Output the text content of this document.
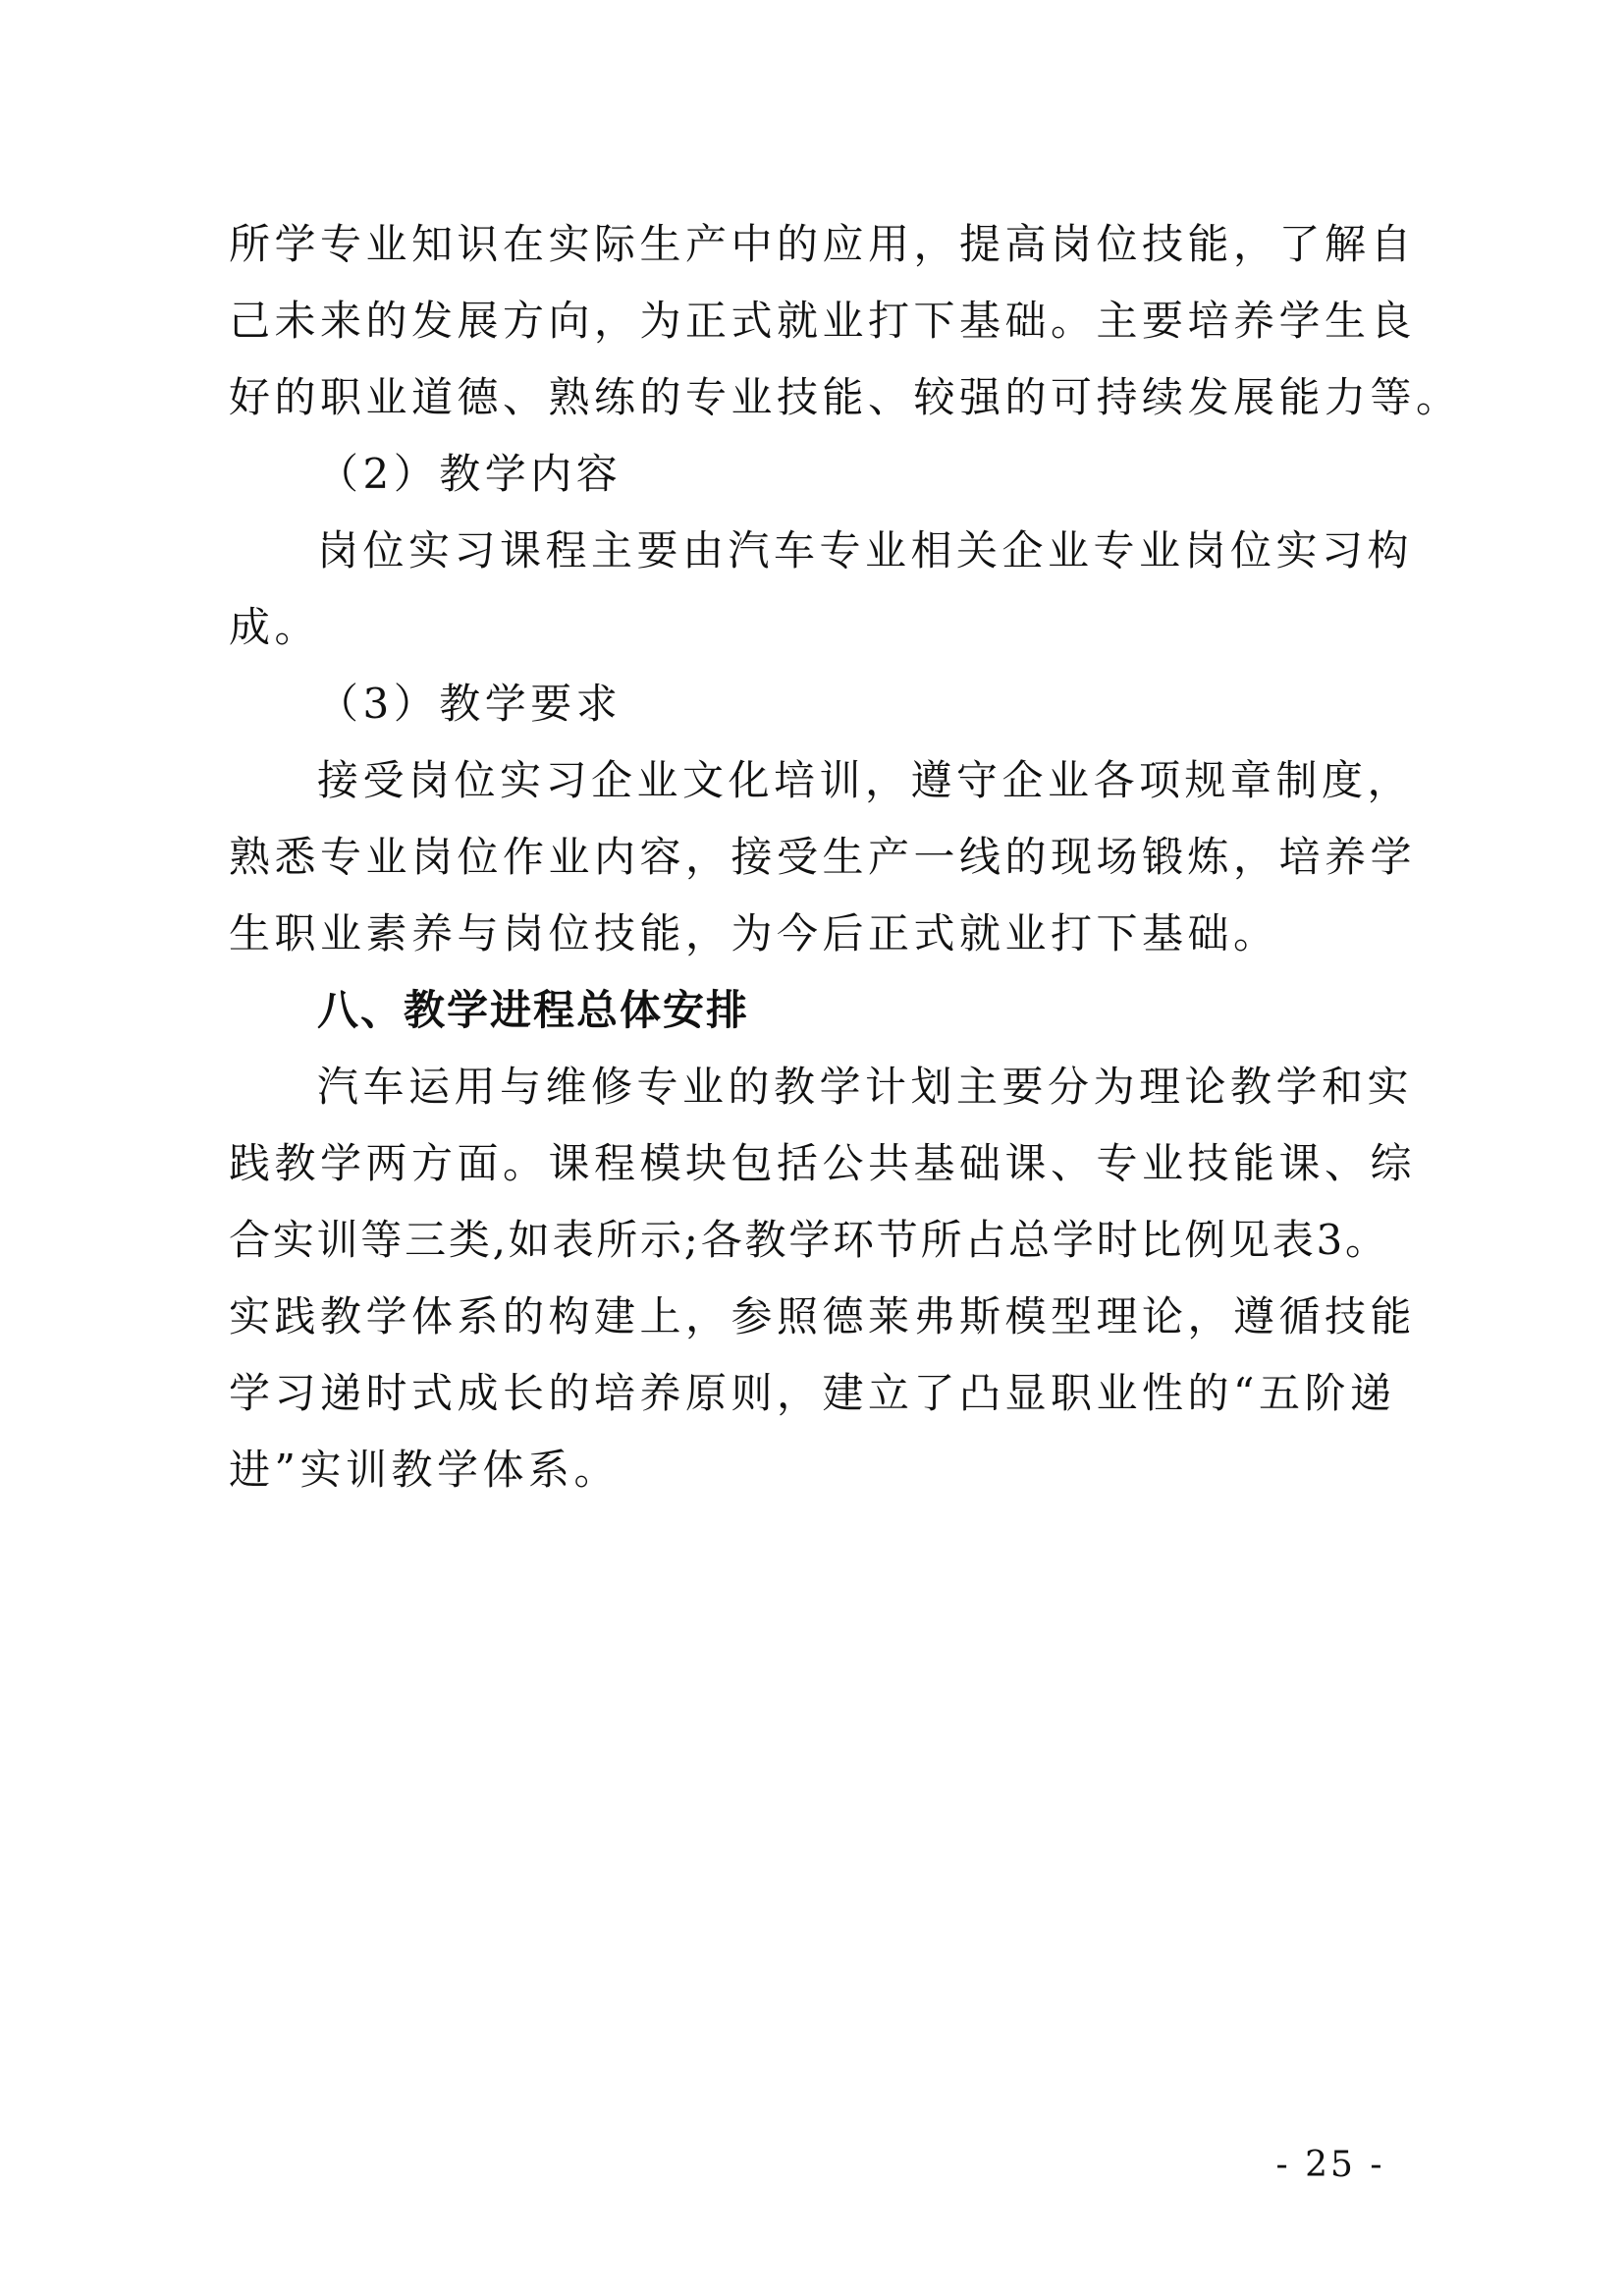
所学专业知识在实际生产中的应用，提高岗位技能，了解自
己未来的发展方向，为正式就业打下基础。主要培养学生良
好的职业道德、熟练的专业技能、较强的可持续发展能力等。
（2）教学内容
岗位实习课程主要由汽车专业相关企业专业岗位实习构
成。
（3）教学要求
接受岗位实习企业文化培训，遵守企业各项规章制度，
熟悉专业岗位作业内容，接受生产一线的现场锻炼，培养学
生职业素养与岗位技能，为今后正式就业打下基础。
八、教学进程总体安排
汽车运用与维修专业的教学计划主要分为理论教学和实
践教学两方面。课程模块包括公共基础课、专业技能课、综
合实训等三类,如表所示;各教学环节所占总学时比例见表3。
实践教学体系的构建上，参照德莱弗斯模型理论，遵循技能
学习递时式成长的培养原则，建立了凸显职业性的“五阶递
进”实训教学体系。
- 25 -
